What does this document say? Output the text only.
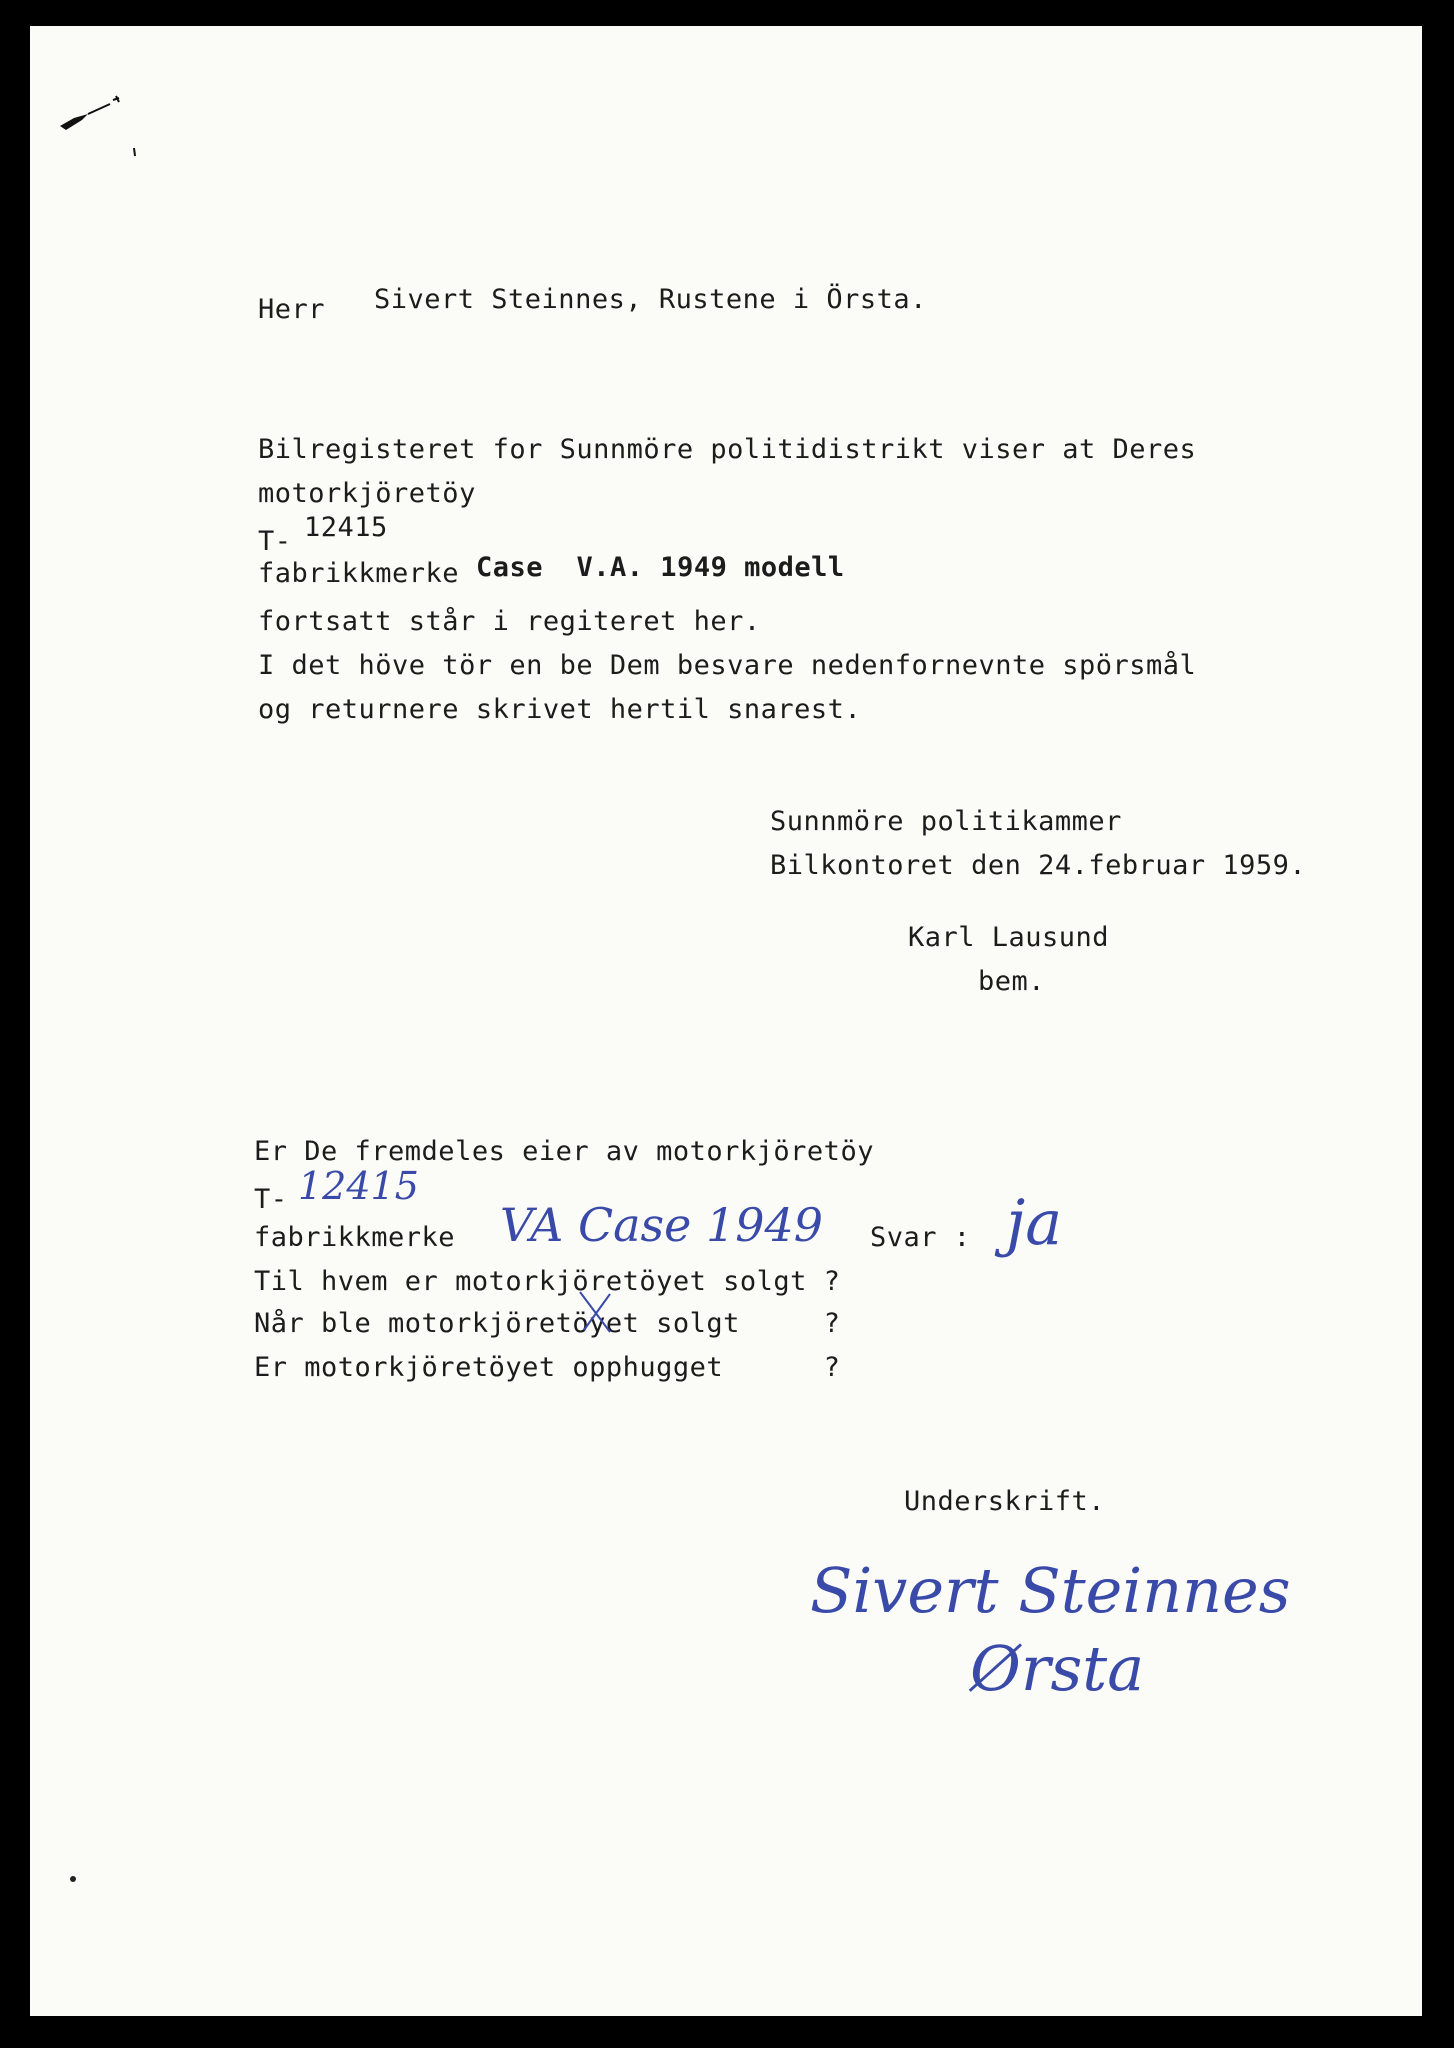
Herr Sivert Steinnes, Rustene i Örsta.
Bilregisteret for Sunnmöre politidistrikt viser at Deres
motorkjöretöy
T- 12415
fabrikkmerke Case  V.A. 1949 modell
fortsatt står i regiteret her.
I det höve tör en be Dem besvare nedenfornevnte spörsmål
og returnere skrivet hertil snarest.
Sunnmöre politikammer
Bilkontoret den 24.februar 1959.
Karl Lausund
bem.
Er De fremdeles eier av motorkjöretöy
T- 12415
fabrikkmerke VA Case 1949 Svar : ja
Til hvem er motorkjöretöyet solgt ?
Når ble motorkjöretöyet solgt     ?
Er motorkjöretöyet opphugget      ?
Underskrift.
Sivert Steinnes
Ørsta
